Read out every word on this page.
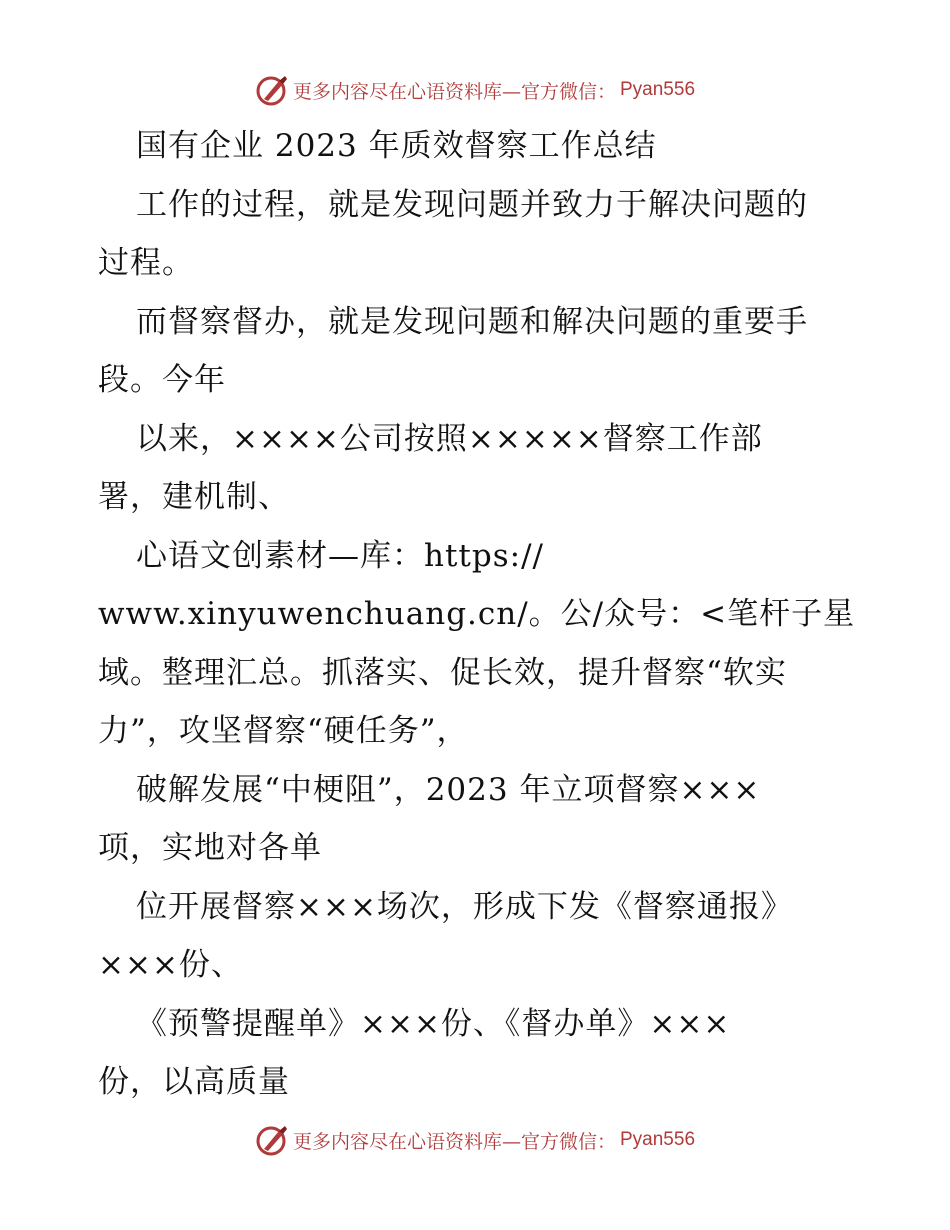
更多内容尽在心语资料库—官方微信： Pyan556
国有企业 2023 年质效督察工作总结
工作的过程，就是发现问题并致力于解决问题的
过程。
而督察督办，就是发现问题和解决问题的重要手
段。今年
以来，××××公司按照×××××督察工作部
署，建机制、
心语文创素材—库：https://
www.xinyuwenchuang.cn/。公/众号：<笔杆子星
域。整理汇总。抓落实、促长效，提升督察“软实
力”，攻坚督察“硬任务”，
破解发展“中梗阻”，2023 年立项督察×××
项，实地对各单
位开展督察×××场次，形成下发《督察通报》
×××份、
《预警提醒单》×××份、《督办单》×××
份，以高质量
更多内容尽在心语资料库—官方微信： Pyan556
